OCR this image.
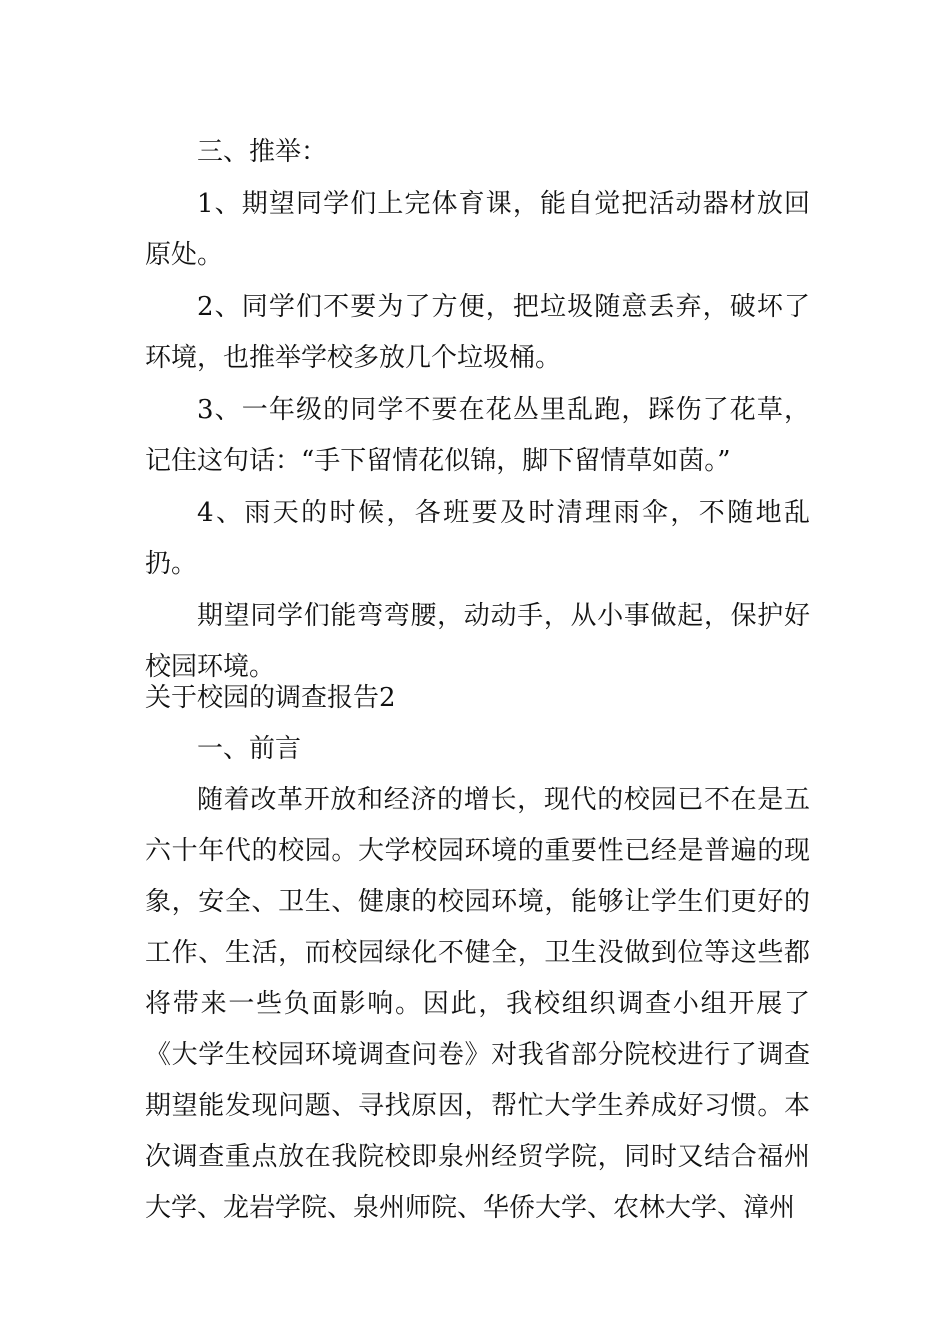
三、推举：

1、期望同学们上完体育课，能自觉把活动器材放回原处。

2、同学们不要为了方便，把垃圾随意丢弃，破坏了环境，也推举学校多放几个垃圾桶。

3、一年级的同学不要在花丛里乱跑，踩伤了花草，记住这句话：“手下留情花似锦，脚下留情草如茵。”

4、雨天的时候，各班要及时清理雨伞，不随地乱扔。

期望同学们能弯弯腰，动动手，从小事做起，保护好校园环境。

关于校园的调查报告2

一、前言

随着改革开放和经济的增长，现代的校园已不在是五六十年代的校园。大学校园环境的重要性已经是普遍的现象，安全、卫生、健康的校园环境，能够让学生们更好的工作、生活，而校园绿化不健全，卫生没做到位等这些都将带来一些负面影响。因此，我校组织调查小组开展了《大学生校园环境调查问卷》对我省部分院校进行了调查期望能发现问题、寻找原因，帮忙大学生养成好习惯。本次调查重点放在我院校即泉州经贸学院，同时又结合福州大学、龙岩学院、泉州师院、华侨大学、农林大学、漳州
